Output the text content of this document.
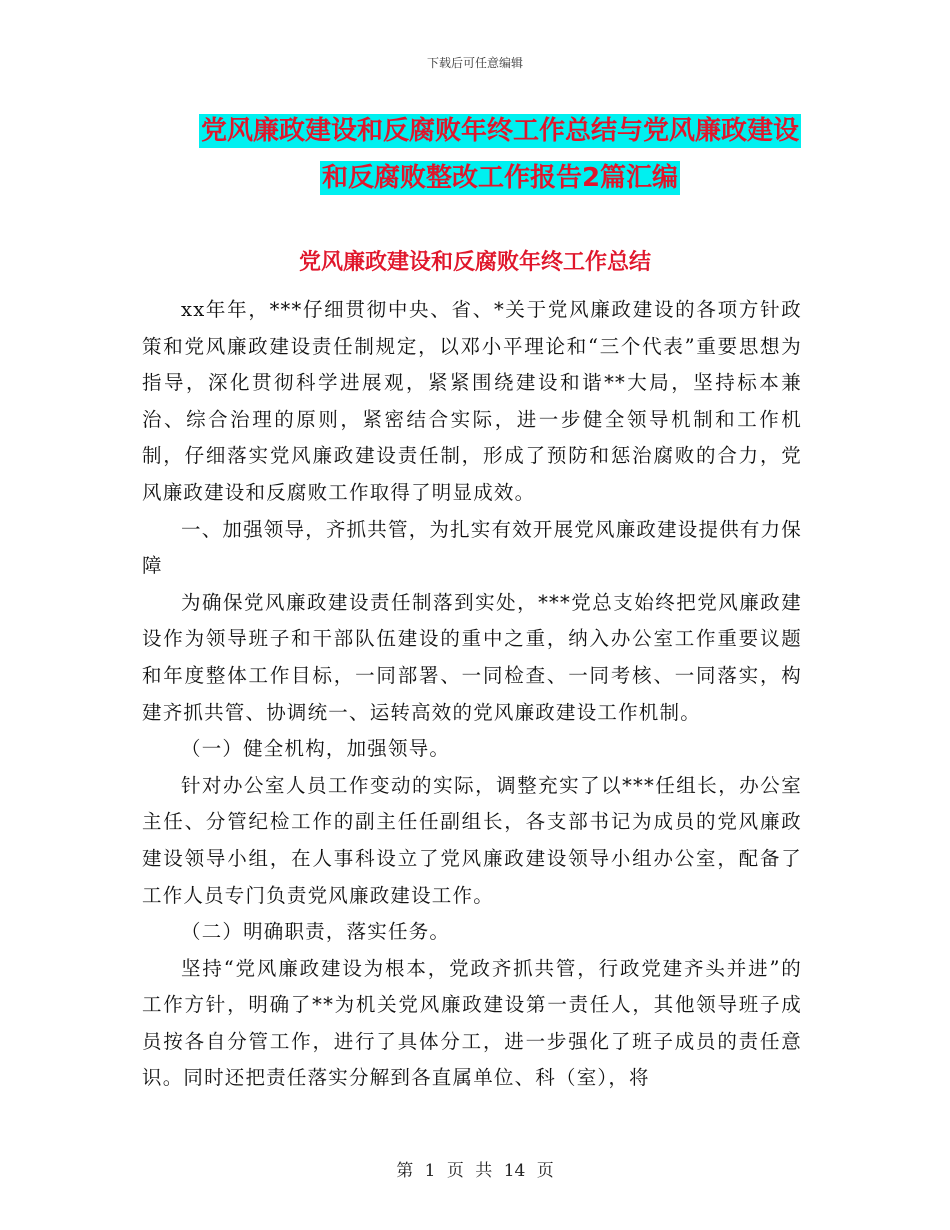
下载后可任意编辑
党风廉政建设和反腐败年终工作总结与党风廉政建设
和反腐败整改工作报告2篇汇编
党风廉政建设和反腐败年终工作总结

xx年年，***仔细贯彻中央、省、*关于党风廉政建设的各项方针政策和党风廉政建设责任制规定，以邓小平理论和“三个代表”重要思想为指导，深化贯彻科学进展观，紧紧围绕建设和谐**大局，坚持标本兼治、综合治理的原则，紧密结合实际，进一步健全领导机制和工作机制，仔细落实党风廉政建设责任制，形成了预防和惩治腐败的合力，党风廉政建设和反腐败工作取得了明显成效。

一、加强领导，齐抓共管，为扎实有效开展党风廉政建设提供有力保障

为确保党风廉政建设责任制落到实处，***党总支始终把党风廉政建设作为领导班子和干部队伍建设的重中之重，纳入办公室工作重要议题和年度整体工作目标，一同部署、一同检查、一同考核、一同落实，构建齐抓共管、协调统一、运转高效的党风廉政建设工作机制。

（一）健全机构，加强领导。

针对办公室人员工作变动的实际，调整充实了以***任组长，办公室主任、分管纪检工作的副主任任副组长，各支部书记为成员的党风廉政建设领导小组，在人事科设立了党风廉政建设领导小组办公室，配备了工作人员专门负责党风廉政建设工作。

（二）明确职责，落实任务。

坚持“党风廉政建设为根本，党政齐抓共管，行政党建齐头并进”的工作方针，明确了**为机关党风廉政建设第一责任人，其他领导班子成员按各自分管工作，进行了具体分工，进一步强化了班子成员的责任意识。同时还把责任落实分解到各直属单位、科（室），将

第 1 页 共 14 页
